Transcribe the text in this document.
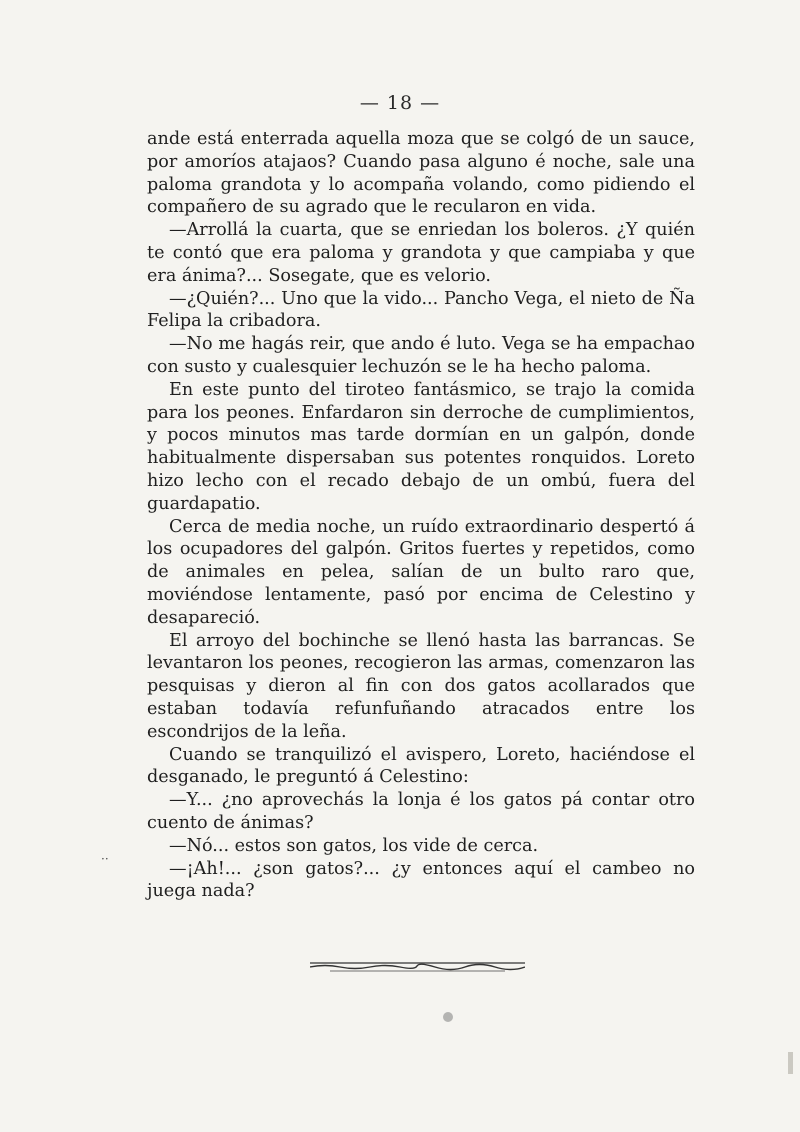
— 18 —

ande está enterrada aquella moza que se colgó de un sauce, por amoríos atajaos? Cuando pasa alguno é noche, sale una paloma grandota y lo acompaña volando, como pidiendo el compañero de su agrado que le recularon en vida.

—Arrollá la cuarta, que se enriedan los boleros. ¿Y quién te contó que era paloma y grandota y que campiaba y que era ánima?... Sosegate, que es velorio.

—¿Quién?... Uno que la vido... Pancho Vega, el nieto de Ña Felipa la cribadora.

—No me hagás reir, que ando é luto. Vega se ha empachao con susto y cualesquier lechuzón se le ha hecho paloma.

En este punto del tiroteo fantásmico, se trajo la comida para los peones. Enfardaron sin derroche de cumplimientos, y pocos minutos mas tarde dormían en un galpón, donde habitualmente dispersaban sus potentes ronquidos. Loreto hizo lecho con el recado debajo de un ombú, fuera del guardapatio.

Cerca de media noche, un ruído extraordinario despertó á los ocupadores del galpón. Gritos fuertes y repetidos, como de animales en pelea, salían de un bulto raro que, moviéndose lentamente, pasó por encima de Celestino y desapareció.

El arroyo del bochinche se llenó hasta las barrancas. Se levantaron los peones, recogieron las armas, comenzaron las pesquisas y dieron al fin con dos gatos acollarados que estaban todavía refunfuñando atracados entre los escondrijos de la leña.

Cuando se tranquilizó el avispero, Loreto, haciéndose el desganado, le preguntó á Celestino:

—Y... ¿no aprovechás la lonja é los gatos pá contar otro cuento de ánimas?

—Nó... estos son gatos, los vide de cerca.

—¡Ah!... ¿son gatos?... ¿y entonces aquí el cambeo no juega nada?

··
